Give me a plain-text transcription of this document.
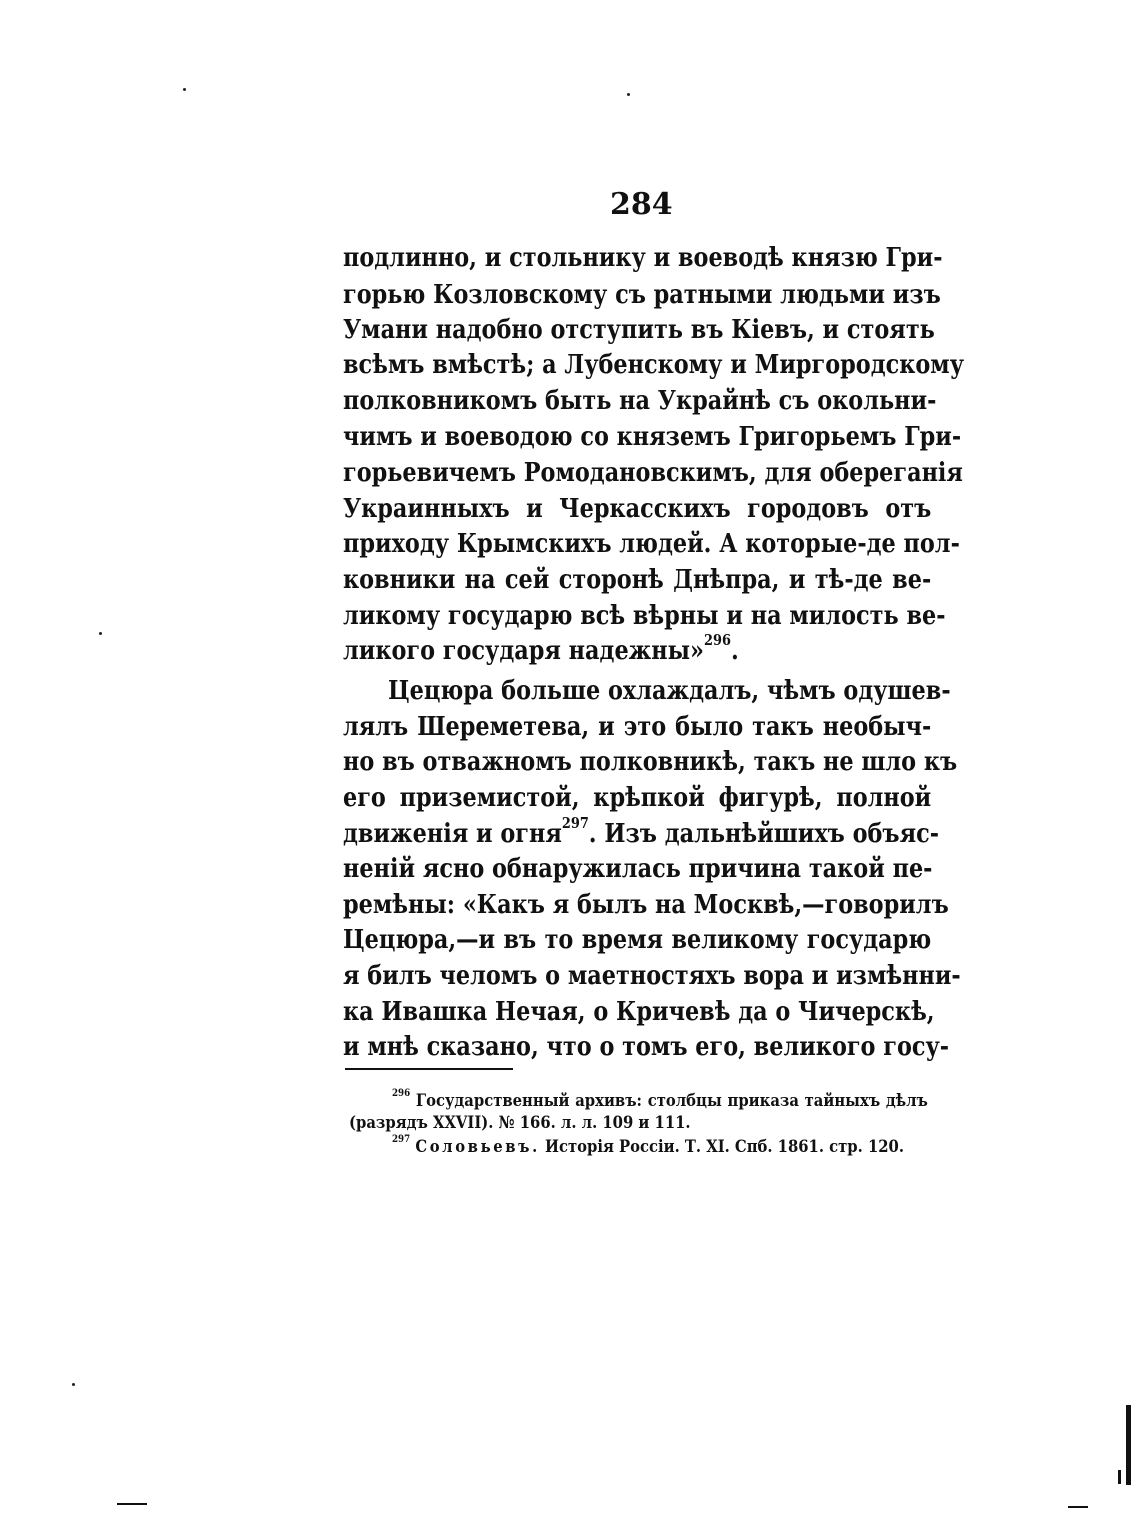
284
подлинно, и стольнику и воеводѣ князю Гри-
горью Козловскому съ ратными людьми изъ
Умани надобно отступить въ Кіевъ, и стоять
всѣмъ вмѣстѣ; а Лубенскому и Миргородскому
полковникомъ быть на Украйнѣ съ окольни-
чимъ и воеводою со княземъ Григорьемъ Гри-
горьевичемъ Ромодановскимъ, для обереганія
Украинныхъ и Черкасскихъ городовъ отъ
приходу Крымскихъ людей. А которые-де пол-
ковники на сей сторонѣ Днѣпра, и тѣ-де ве-
ликому государю всѣ вѣрны и на милость ве-
ликого государя надежны»$^{296}$.
Цецюра больше охлаждалъ, чѣмъ одушев-
лялъ Шереметева, и это было такъ необыч-
но въ отважномъ полковникѣ, такъ не шло къ
его приземистой, крѣпкой фигурѣ, полной
движенія и огня$^{297}$. Изъ дальнѣйшихъ объяс-
неній ясно обнаружилась причина такой пе-
ремѣны: «Какъ я былъ на Москвѣ,—говорилъ
Цецюра,—и въ то время великому государю
я билъ челомъ о маетностяхъ вора и измѣнни-
ка Ивашка Нечая, о Кричевѣ да о Чичерскѣ,
и мнѣ сказано, что о томъ его, великого госу-
$^{296}$ Государственный архивъ: столбцы приказа тайныхъ дѣлъ
(разрядъ XXVII). № 166. л. л. 109 и 111.
$^{297}$ Соловьевъ. Исторія Россіи. Т. XI. Спб. 1861. стр. 120.
